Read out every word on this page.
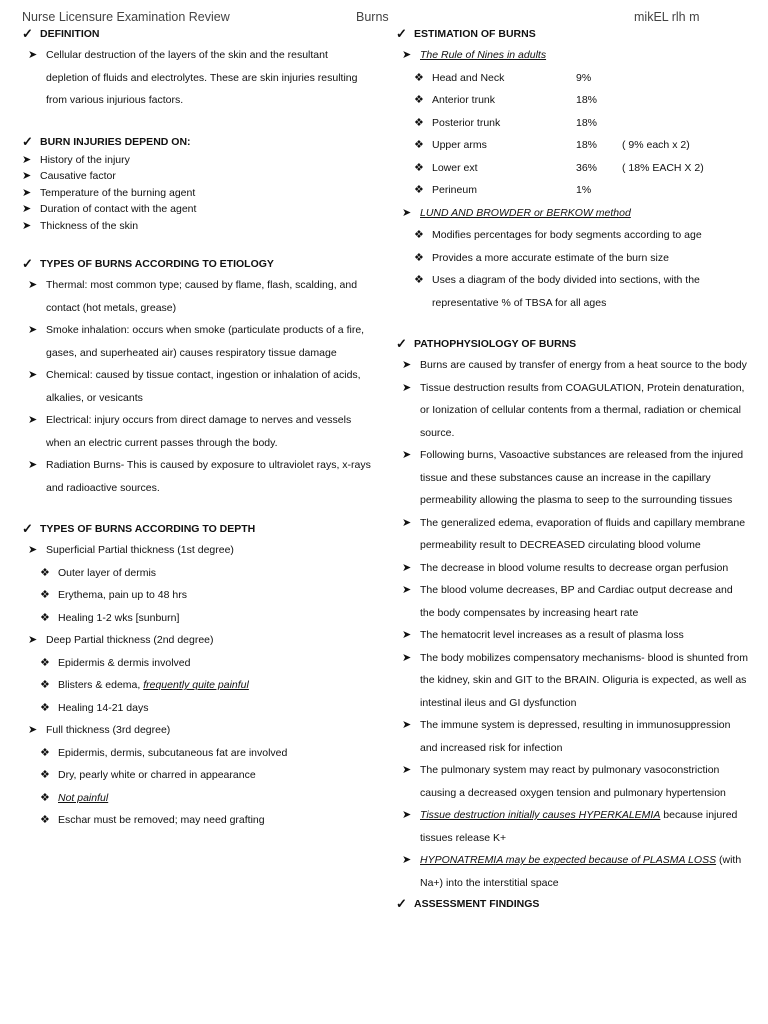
Nurse Licensure Examination Review	Burns	mikEL rlh m
✓ DEFINITION
➤ Cellular destruction of the layers of the skin and the resultant depletion of fluids and electrolytes. These are skin injuries resulting from various injurious factors.
✓ BURN INJURIES DEPEND ON:
➤ History of the injury
➤ Causative factor
➤ Temperature of the burning agent
➤ Duration of contact with the agent
➤ Thickness of the skin
✓ TYPES OF BURNS ACCORDING TO ETIOLOGY
➤ Thermal: most common type; caused by flame, flash, scalding, and contact (hot metals, grease)
➤ Smoke inhalation: occurs when smoke (particulate products of a fire, gases, and superheated air) causes respiratory tissue damage
➤ Chemical: caused by tissue contact, ingestion or inhalation of acids, alkalies, or vesicants
➤ Electrical: injury occurs from direct damage to nerves and vessels when an electric current passes through the body.
➤ Radiation Burns- This is caused by exposure to ultraviolet rays, x-rays and radioactive sources.
✓ TYPES OF BURNS ACCORDING TO DEPTH
➤ Superficial Partial thickness (1st degree)
❖ Outer layer of dermis
❖ Erythema, pain up to 48 hrs
❖ Healing 1-2 wks [sunburn]
➤ Deep Partial thickness (2nd degree)
❖ Epidermis & dermis involved
❖ Blisters & edema, frequently quite painful
❖ Healing 14-21 days
➤ Full thickness (3rd degree)
❖ Epidermis, dermis, subcutaneous fat are involved
❖ Dry, pearly white or charred in appearance
❖ Not painful
❖ Eschar must be removed; may need grafting
✓ ESTIMATION OF BURNS
➤ The Rule of Nines in adults
❖ Head and Neck	9%
❖ Anterior trunk	18%
❖ Posterior trunk	18%
❖ Upper arms	18%	( 9% each x 2)
❖ Lower ext	36%	( 18% EACH X 2)
❖ Perineum	1%
➤ LUND AND BROWDER or BERKOW method
❖ Modifies percentages for body segments according to age
❖ Provides a more accurate estimate of the burn size
❖ Uses a diagram of the body divided into sections, with the representative % of TBSA for all ages
✓ PATHOPHYSIOLOGY OF BURNS
➤ Burns are caused by transfer of energy from a heat source to the body
➤ Tissue destruction results from COAGULATION, Protein denaturation, or Ionization of cellular contents from a thermal, radiation or chemical source.
➤ Following burns, Vasoactive substances are released from the injured tissue and these substances cause an increase in the capillary permeability allowing the plasma to seep to the surrounding tissues
➤ The generalized edema, evaporation of fluids and capillary membrane permeability result to DECREASED circulating blood volume
➤ The decrease in blood volume results to decrease organ perfusion
➤ The blood volume decreases, BP and Cardiac output decrease and the body compensates by increasing heart rate
➤ The hematocrit level increases as a result of plasma loss
➤ The body mobilizes compensatory mechanisms- blood is shunted from the kidney, skin and GIT to the BRAIN. Oliguria is expected, as well as intestinal ileus and GI dysfunction
➤ The immune system is depressed, resulting in immunosuppression and increased risk for infection
➤ The pulmonary system may react by pulmonary vasoconstriction causing a decreased oxygen tension and pulmonary hypertension
➤ Tissue destruction initially causes HYPERKALEMIA because injured tissues release K+
➤ HYPONATREMIA may be expected because of PLASMA LOSS (with Na+) into the interstitial space
✓ ASSESSMENT FINDINGS
